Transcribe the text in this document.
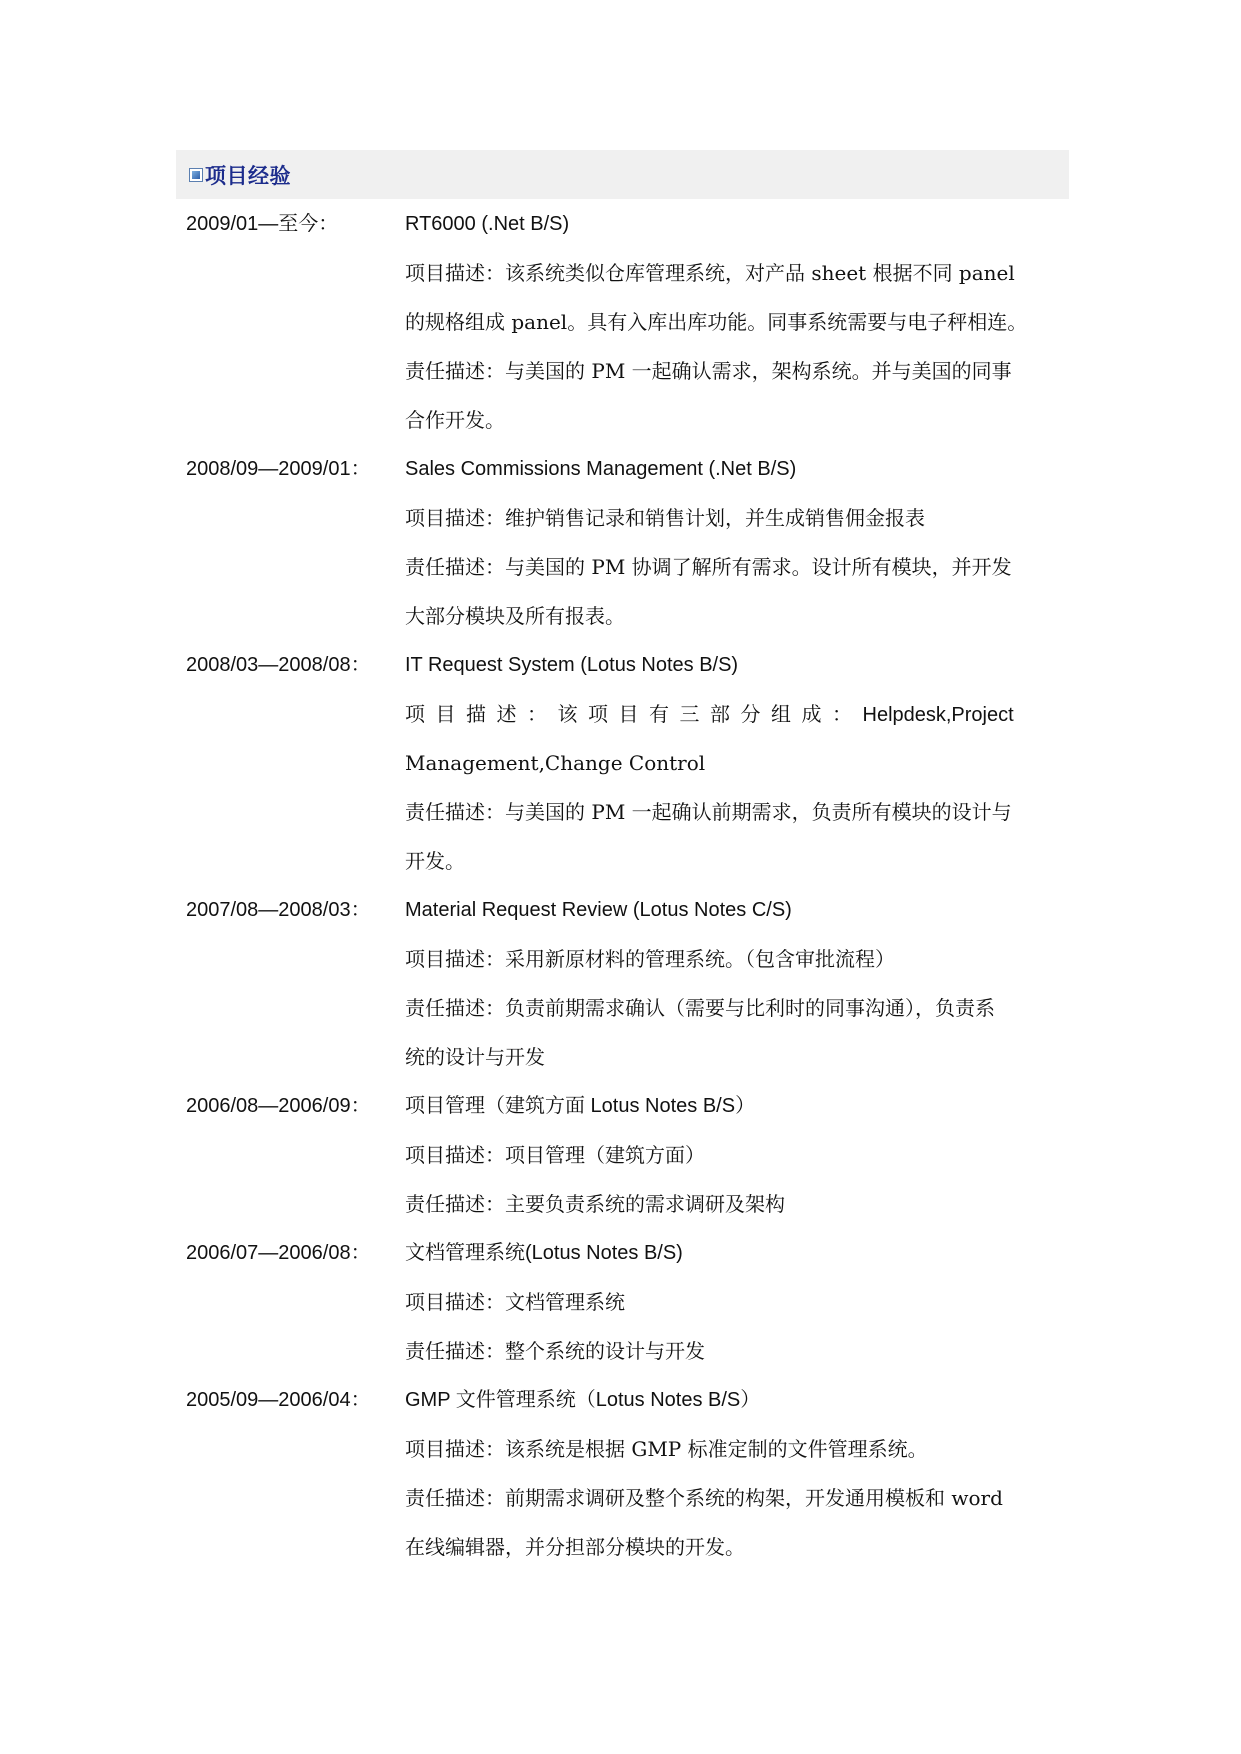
项目经验
2009/01—至今：	RT6000 (.Net B/S)
项目描述：该系统类似仓库管理系统，对产品 sheet 根据不同 panel
的规格组成 panel。具有入库出库功能。同事系统需要与电子秤相连。
责任描述：与美国的 PM 一起确认需求，架构系统。并与美国的同事
合作开发。
2008/09—2009/01：	Sales Commissions Management (.Net B/S)
项目描述：维护销售记录和销售计划，并生成销售佣金报表
责任描述：与美国的 PM 协调了解所有需求。设计所有模块，并开发
大部分模块及所有报表。
2008/03—2008/08：	IT Request System (Lotus Notes B/S)
项目描述：该项目有三部分组成：Helpdesk,Project
Management,Change Control
责任描述：与美国的 PM 一起确认前期需求，负责所有模块的设计与
开发。
2007/08—2008/03：	Material Request Review (Lotus Notes C/S)
项目描述：采用新原材料的管理系统。（包含审批流程）
责任描述：负责前期需求确认（需要与比利时的同事沟通），负责系
统的设计与开发
2006/08—2006/09：	项目管理（建筑方面 Lotus Notes B/S）
项目描述：项目管理（建筑方面）
责任描述：主要负责系统的需求调研及架构
2006/07—2006/08：	文档管理系统(Lotus Notes B/S)
项目描述：文档管理系统
责任描述：整个系统的设计与开发
2005/09—2006/04：	GMP 文件管理系统（Lotus Notes B/S）
项目描述：该系统是根据 GMP 标准定制的文件管理系统。
责任描述：前期需求调研及整个系统的构架，开发通用模板和 word
在线编辑器，并分担部分模块的开发。
